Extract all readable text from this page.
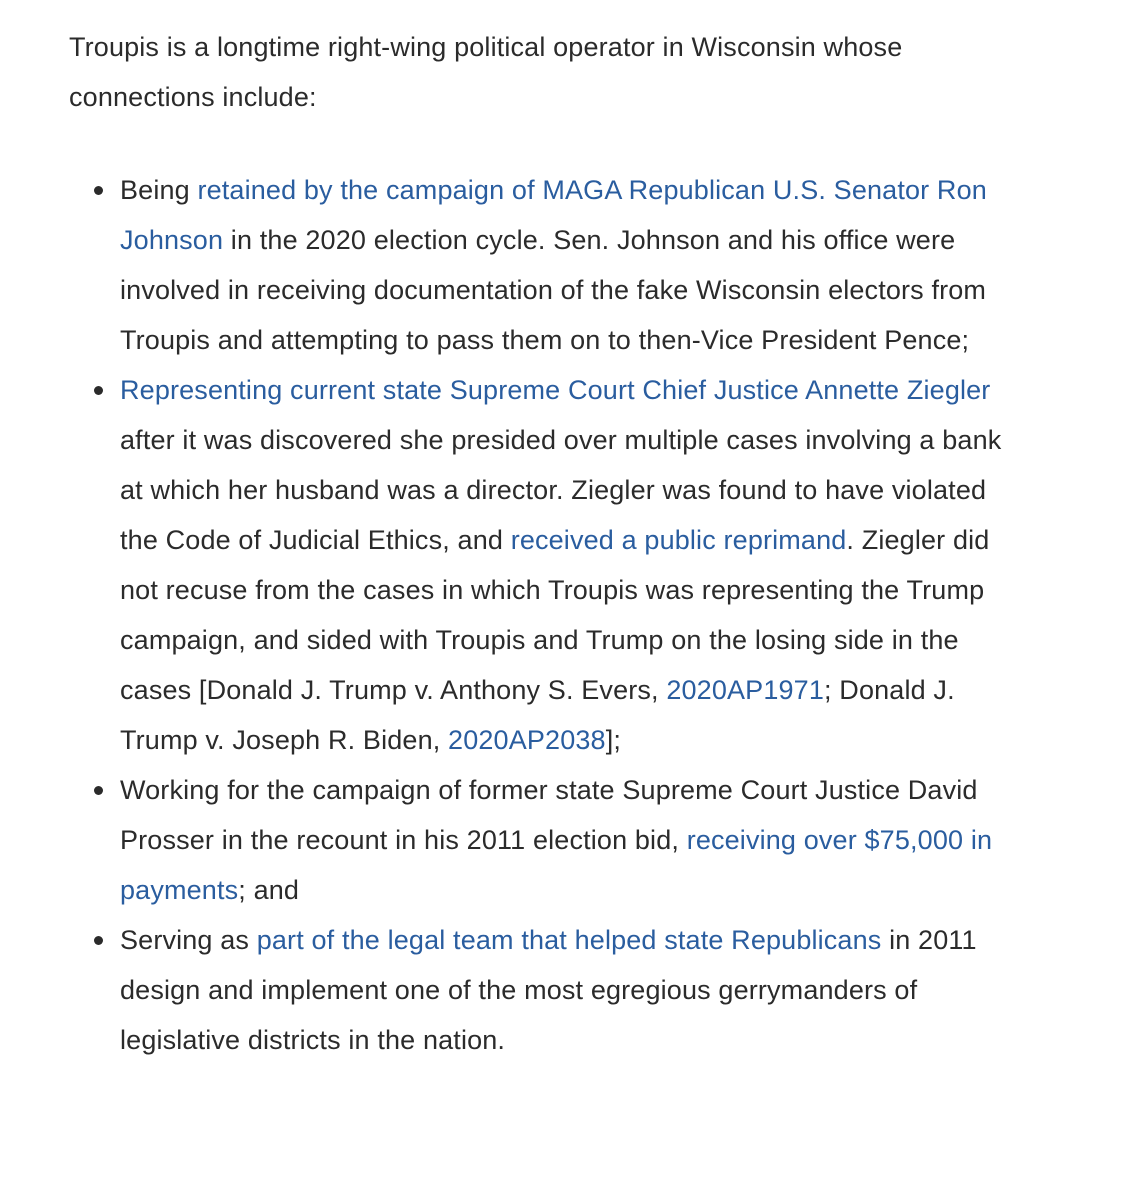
Troupis is a longtime right-wing political operator in Wisconsin whose connections include:

Being retained by the campaign of MAGA Republican U.S. Senator Ron Johnson in the 2020 election cycle. Sen. Johnson and his office were involved in receiving documentation of the fake Wisconsin electors from Troupis and attempting to pass them on to then-Vice President Pence;
Representing current state Supreme Court Chief Justice Annette Ziegler after it was discovered she presided over multiple cases involving a bank at which her husband was a director. Ziegler was found to have violated the Code of Judicial Ethics, and received a public reprimand. Ziegler did not recuse from the cases in which Troupis was representing the Trump campaign, and sided with Troupis and Trump on the losing side in the cases [Donald J. Trump v. Anthony S. Evers, 2020AP1971; Donald J. Trump v. Joseph R. Biden, 2020AP2038];
Working for the campaign of former state Supreme Court Justice David Prosser in the recount in his 2011 election bid, receiving over $75,000 in payments; and
Serving as part of the legal team that helped state Republicans in 2011 design and implement one of the most egregious gerrymanders of legislative districts in the nation.
